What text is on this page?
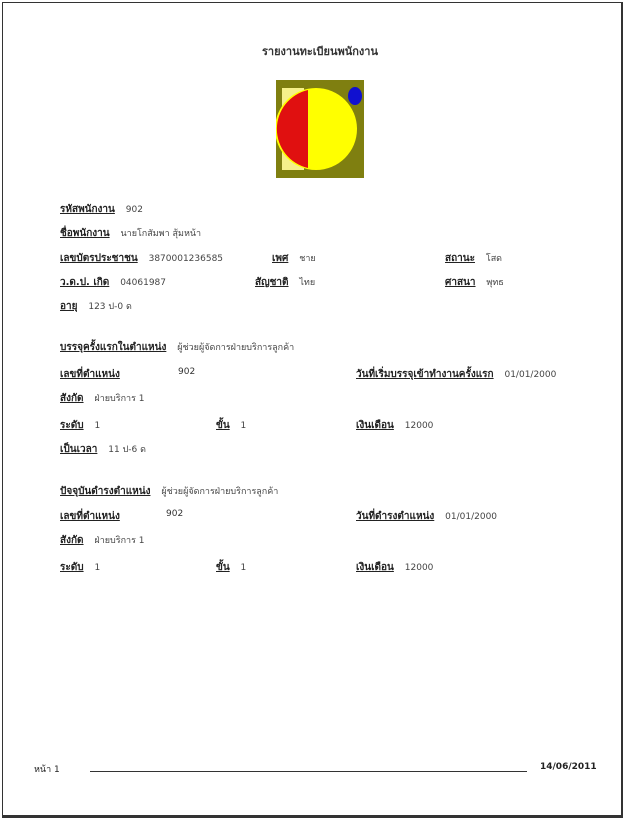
รายงานทะเบียนพนักงาน
รหัสพนักงาน 902
ชื่อพนักงาน นายโกสัมพา สุ้มหน้า
เลขบัตรประชาชน 3870001236585	เพศ ชาย	สถานะ โสด
ว.ด.ป. เกิด 04061987	สัญชาติ ไทย	ศาสนา พุทธ
อายุ 123 ป-0 ด
บรรจุครั้งแรกในตำแหน่ง ผู้ช่วยผู้จัดการฝ่ายบริการลูกค้า
เลขที่ตำแหน่ง	902	วันที่เริ่มบรรจุเข้าทำงานครั้งแรก 01/01/2000
สังกัด ฝ่ายบริการ 1
ระดับ 1	ขั้น 1	เงินเดือน 12000
เป็นเวลา 11 ป-6 ด
ปัจจุบันดำรงตำแหน่ง ผู้ช่วยผู้จัดการฝ่ายบริการลูกค้า
เลขที่ตำแหน่ง	902	วันที่ดำรงตำแหน่ง 01/01/2000
สังกัด ฝ่ายบริการ 1
ระดับ 1	ขั้น 1	เงินเดือน 12000
หน้า 1	14/06/2011
